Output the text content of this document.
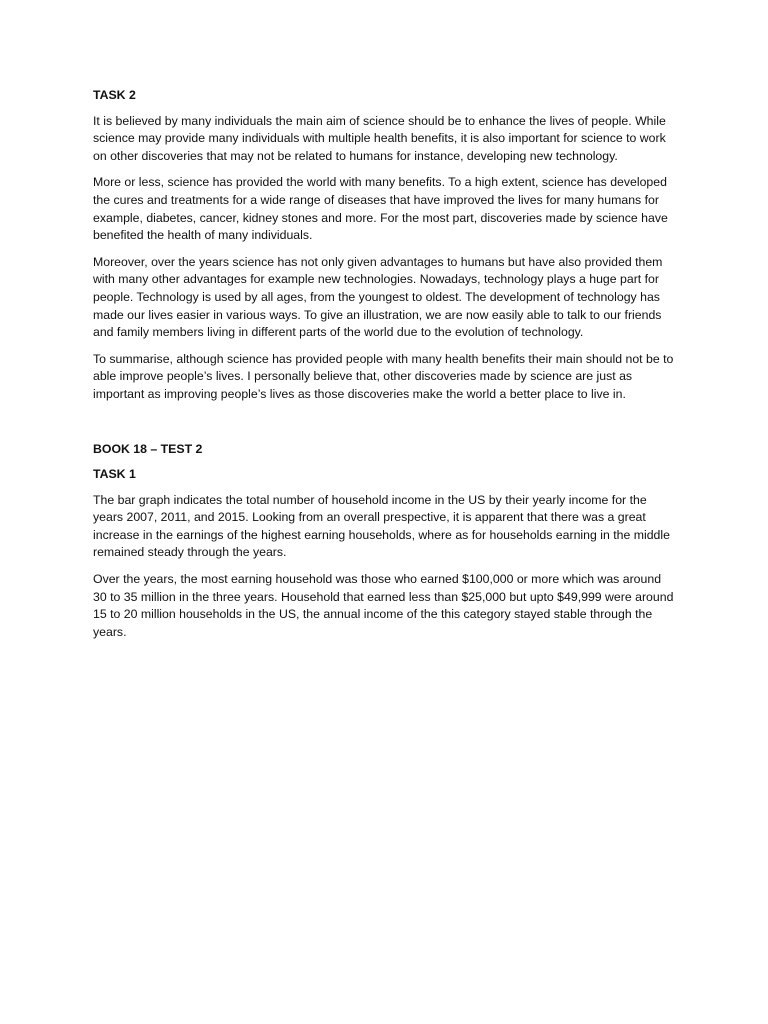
TASK 2

It is believed by many individuals the main aim of science should be to enhance the lives of people. While science may provide many individuals with multiple health benefits, it is also important for science to work on other discoveries that may not be related to humans for instance, developing new technology.

More or less, science has provided the world with many benefits. To a high extent, science has developed the cures and treatments for a wide range of diseases that have improved the lives for many humans for example, diabetes, cancer, kidney stones and more. For the most part, discoveries made by science have benefited the health of many individuals.

Moreover, over the years science has not only given advantages to humans but have also provided them with many other advantages for example new technologies. Nowadays, technology plays a huge part for people. Technology is used by all ages, from the youngest to oldest. The development of technology has made our lives easier in various ways. To give an illustration, we are now easily able to talk to our friends and family members living in different parts of the world due to the evolution of technology.

To summarise, although science has provided people with many health benefits their main should not be to able improve people’s lives. I personally believe that, other discoveries made by science are just as important as improving people’s lives as those discoveries make the world a better place to live in.

BOOK 18 – TEST 2
TASK 1

The bar graph indicates the total number of household income in the US by their yearly income for the years 2007, 2011, and 2015. Looking from an overall prespective, it is apparent that there was a great increase in the earnings of the highest earning households, where as for households earning in the middle remained steady through the years.

Over the years, the most earning household was those who earned $100,000 or more which was around 30 to 35 million in the three years. Household that earned less than $25,000 but upto $49,999 were around 15 to 20 million households in the US, the annual income of the this category stayed stable through the years.
